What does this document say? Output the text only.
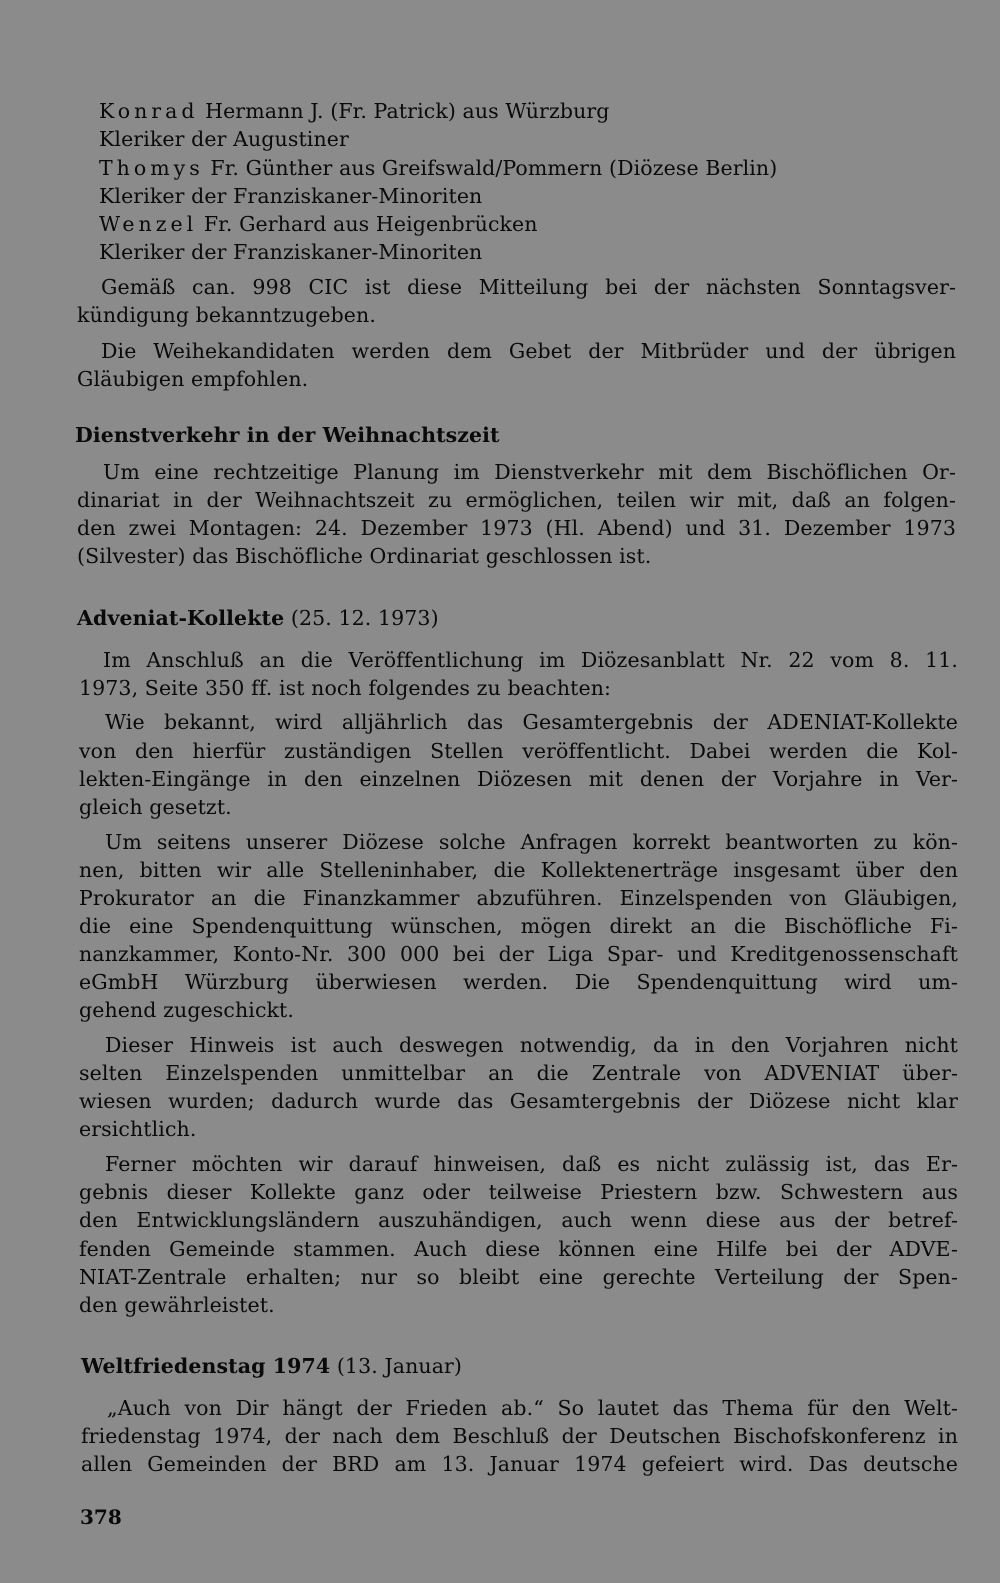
Konrad Hermann J. (Fr. Patrick) aus Würzburg
Kleriker der Augustiner
Thomys Fr. Günther aus Greifswald/Pommern (Diözese Berlin)
Kleriker der Franziskaner-Minoriten
Wenzel Fr. Gerhard aus Heigenbrücken
Kleriker der Franziskaner-Minoriten
Gemäß can. 998 CIC ist diese Mitteilung bei der nächsten Sonntagsver-
kündigung bekanntzugeben.
Die Weihekandidaten werden dem Gebet der Mitbrüder und der übrigen
Gläubigen empfohlen.
Dienstverkehr in der Weihnachtszeit
Um eine rechtzeitige Planung im Dienstverkehr mit dem Bischöflichen Or-
dinariat in der Weihnachtszeit zu ermöglichen, teilen wir mit, daß an folgen-
den zwei Montagen: 24. Dezember 1973 (Hl. Abend) und 31. Dezember 1973
(Silvester) das Bischöfliche Ordinariat geschlossen ist.
Adveniat-Kollekte (25. 12. 1973)
Im Anschluß an die Veröffentlichung im Diözesanblatt Nr. 22 vom 8. 11.
1973, Seite 350 ff. ist noch folgendes zu beachten:
Wie bekannt, wird alljährlich das Gesamtergebnis der ADENIAT-Kollekte
von den hierfür zuständigen Stellen veröffentlicht. Dabei werden die Kol-
lekten-Eingänge in den einzelnen Diözesen mit denen der Vorjahre in Ver-
gleich gesetzt.
Um seitens unserer Diözese solche Anfragen korrekt beantworten zu kön-
nen, bitten wir alle Stelleninhaber, die Kollektenerträge insgesamt über den
Prokurator an die Finanzkammer abzuführen. Einzelspenden von Gläubigen,
die eine Spendenquittung wünschen, mögen direkt an die Bischöfliche Fi-
nanzkammer, Konto-Nr. 300 000 bei der Liga Spar- und Kreditgenossenschaft
eGmbH Würzburg überwiesen werden. Die Spendenquittung wird um-
gehend zugeschickt.
Dieser Hinweis ist auch deswegen notwendig, da in den Vorjahren nicht
selten Einzelspenden unmittelbar an die Zentrale von ADVENIAT über-
wiesen wurden; dadurch wurde das Gesamtergebnis der Diözese nicht klar
ersichtlich.
Ferner möchten wir darauf hinweisen, daß es nicht zulässig ist, das Er-
gebnis dieser Kollekte ganz oder teilweise Priestern bzw. Schwestern aus
den Entwicklungsländern auszuhändigen, auch wenn diese aus der betref-
fenden Gemeinde stammen. Auch diese können eine Hilfe bei der ADVE-
NIAT-Zentrale erhalten; nur so bleibt eine gerechte Verteilung der Spen-
den gewährleistet.
Weltfriedenstag 1974 (13. Januar)
„Auch von Dir hängt der Frieden ab.“ So lautet das Thema für den Welt-
friedenstag 1974, der nach dem Beschluß der Deutschen Bischofskonferenz in
allen Gemeinden der BRD am 13. Januar 1974 gefeiert wird. Das deutsche
378
